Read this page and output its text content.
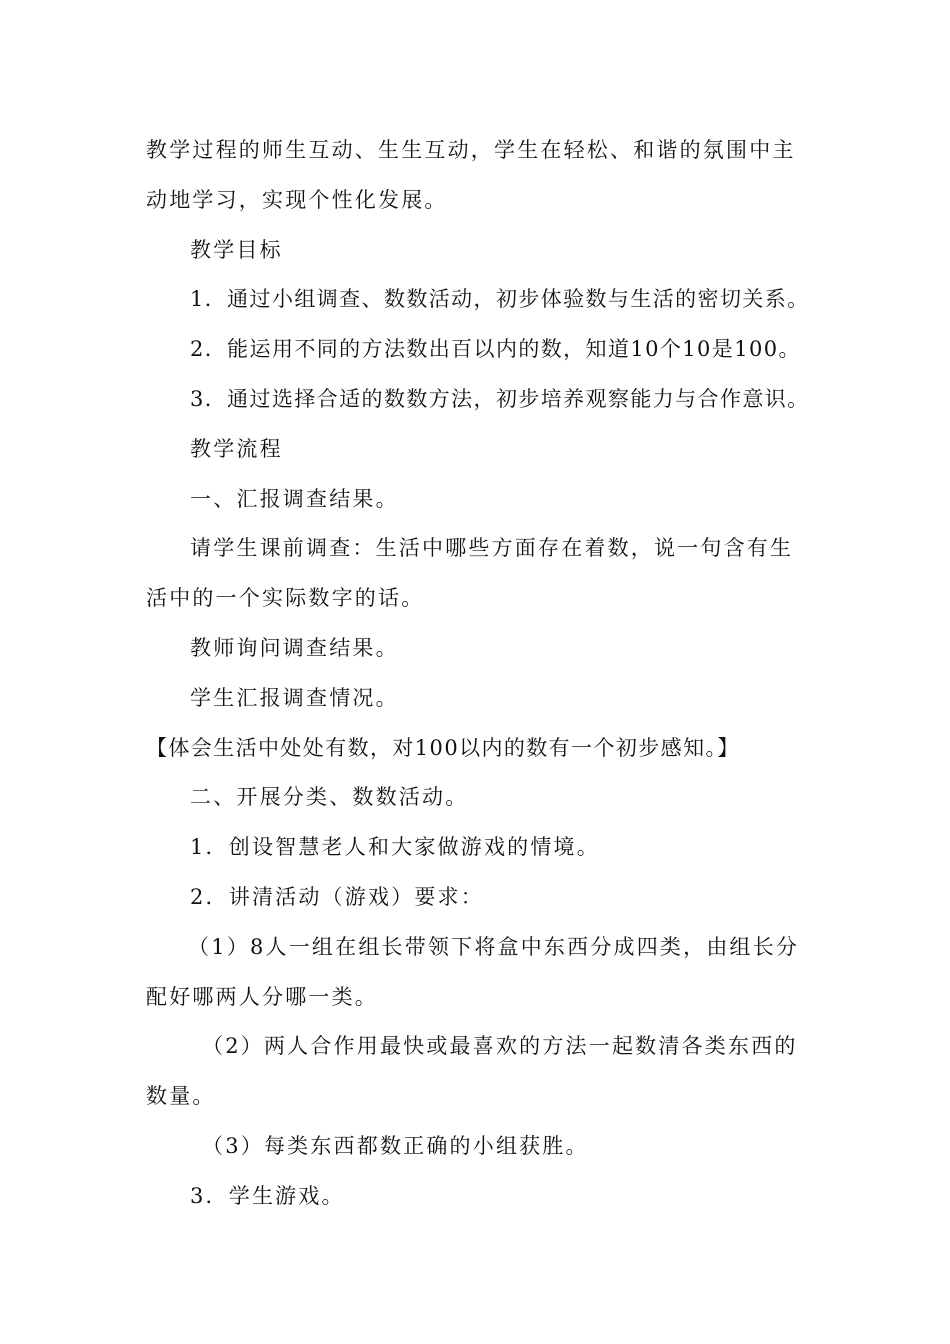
教学过程的师生互动、生生互动，学生在轻松、和谐的氛围中主动地学习，实现个性化发展。

教学目标

1．通过小组调查、数数活动，初步体验数与生活的密切关系。

2．能运用不同的方法数出百以内的数，知道10个10是100。

3．通过选择合适的数数方法，初步培养观察能力与合作意识。

教学流程

一、汇报调查结果。

请学生课前调查：生活中哪些方面存在着数，说一句含有生活中的一个实际数字的话。

教师询问调查结果。

学生汇报调查情况。

【体会生活中处处有数，对100以内的数有一个初步感知。】

二、开展分类、数数活动。

1．创设智慧老人和大家做游戏的情境。

2．讲清活动（游戏）要求：

（1）8人一组在组长带领下将盒中东西分成四类，由组长分配好哪两人分哪一类。

（2）两人合作用最快或最喜欢的方法一起数清各类东西的数量。

（3）每类东西都数正确的小组获胜。

3．学生游戏。
